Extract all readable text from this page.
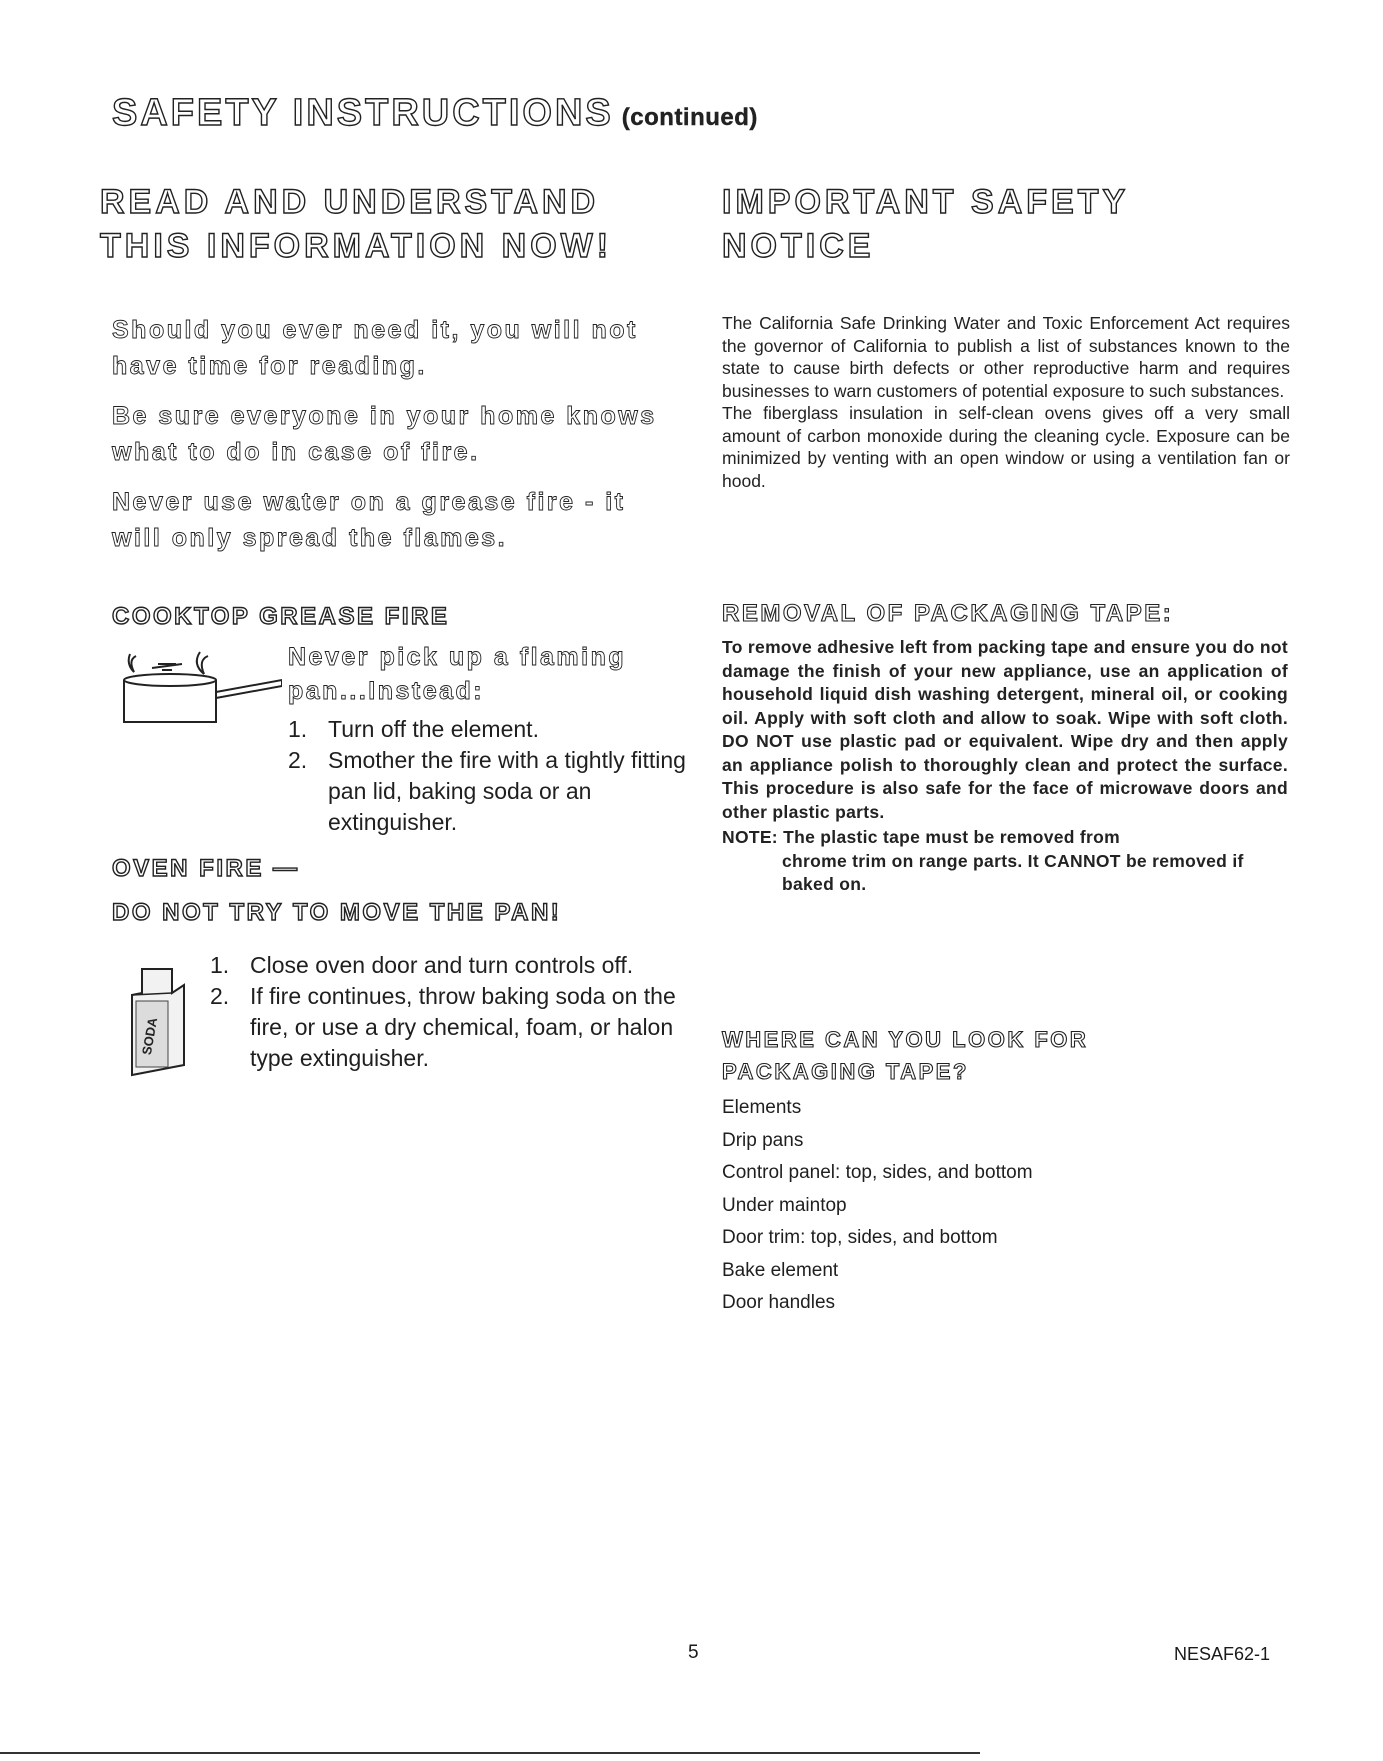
SAFETY INSTRUCTIONS (continued)
READ AND UNDERSTAND
THIS INFORMATION NOW!

Should you ever need it, you will not have time for reading.

Be sure everyone in your home knows what to do in case of fire.

Never use water on a grease fire - it will only spread the flames.

COOKTOP GREASE FIRE
Never pick up a flaming pan...Instead:
1. Turn off the element.
2. Smother the fire with a tightly fitting pan lid, baking soda or an extinguisher.
OVEN FIRE —
DO NOT TRY TO MOVE THE PAN!
SODA
1. Close oven door and turn controls off.
2. If fire continues, throw baking soda on the fire, or use a dry chemical, foam, or halon type extinguisher.
IMPORTANT SAFETY
NOTICE
The California Safe Drinking Water and Toxic Enforcement Act requires the governor of California to publish a list of substances known to the state to cause birth defects or other reproductive harm and requires businesses to warn customers of potential exposure to such substances.
The fiberglass insulation in self-clean ovens gives off a very small amount of carbon monoxide during the cleaning cycle. Exposure can be minimized by venting with an open window or using a ventilation fan or hood.
REMOVAL OF PACKAGING TAPE:
To remove adhesive left from packing tape and ensure you do not damage the finish of your new appliance, use an application of household liquid dish washing detergent, mineral oil, or cooking oil. Apply with soft cloth and allow to soak. Wipe with soft cloth. DO NOT use plastic pad or equivalent. Wipe dry and then apply an appliance polish to thoroughly clean and protect the surface. This procedure is also safe for the face of microwave doors and other plastic parts.
NOTE: The plastic tape must be removed from
chrome trim on range parts. It CANNOT be removed if baked on.
WHERE CAN YOU LOOK FOR
PACKAGING TAPE?
Elements
Drip pans
Control panel: top, sides, and bottom
Under maintop
Door trim: top, sides, and bottom
Bake element
Door handles
5	NESAF62-1
